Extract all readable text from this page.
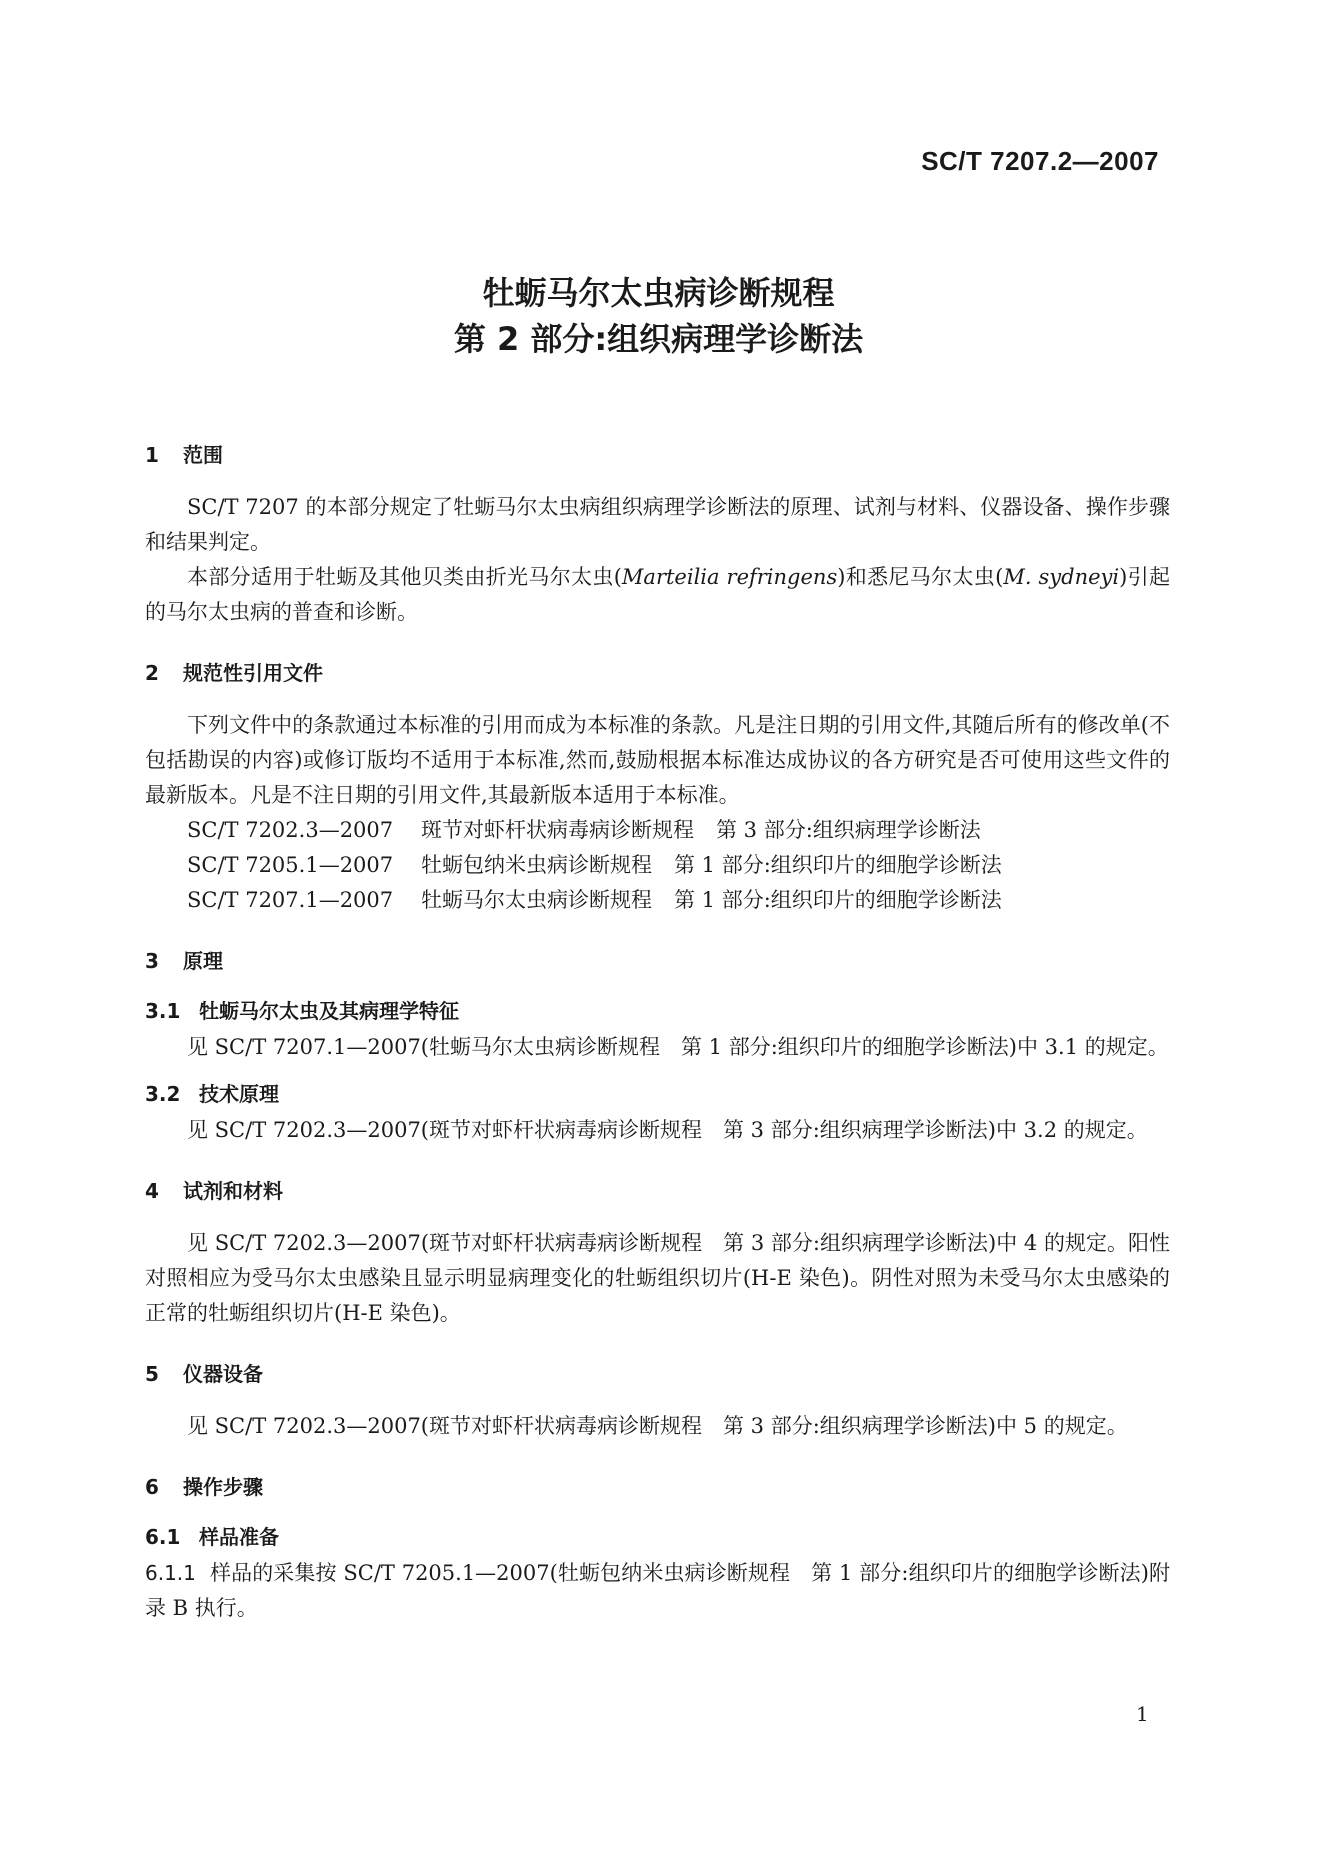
SC/T 7207.2—2007
牡蛎马尔太虫病诊断规程
第 2 部分:组织病理学诊断法
1 范围

SC/T 7207 的本部分规定了牡蛎马尔太虫病组织病理学诊断法的原理、试剂与材料、仪器设备、操作步骤和结果判定。

本部分适用于牡蛎及其他贝类由折光马尔太虫(Marteilia refringens)和悉尼马尔太虫(M. sydneyi)引起的马尔太虫病的普查和诊断。

2 规范性引用文件

下列文件中的条款通过本标准的引用而成为本标准的条款。凡是注日期的引用文件,其随后所有的修改单(不包括勘误的内容)或修订版均不适用于本标准,然而,鼓励根据本标准达成协议的各方研究是否可使用这些文件的最新版本。凡是不注日期的引用文件,其最新版本适用于本标准。

SC/T 7202.3—2007 斑节对虾杆状病毒病诊断规程 第 3 部分:组织病理学诊断法
SC/T 7205.1—2007 牡蛎包纳米虫病诊断规程 第 1 部分:组织印片的细胞学诊断法
SC/T 7207.1—2007 牡蛎马尔太虫病诊断规程 第 1 部分:组织印片的细胞学诊断法
3 原理
3.1 牡蛎马尔太虫及其病理学特征

见 SC/T 7207.1—2007(牡蛎马尔太虫病诊断规程　第 1 部分:组织印片的细胞学诊断法)中 3.1 的规定。

3.2 技术原理

见 SC/T 7202.3—2007(斑节对虾杆状病毒病诊断规程　第 3 部分:组织病理学诊断法)中 3.2 的规定。

4 试剂和材料

见 SC/T 7202.3—2007(斑节对虾杆状病毒病诊断规程　第 3 部分:组织病理学诊断法)中 4 的规定。阳性对照相应为受马尔太虫感染且显示明显病理变化的牡蛎组织切片(H-E 染色)。阴性对照为未受马尔太虫感染的正常的牡蛎组织切片(H-E 染色)。

5 仪器设备

见 SC/T 7202.3—2007(斑节对虾杆状病毒病诊断规程　第 3 部分:组织病理学诊断法)中 5 的规定。

6 操作步骤
6.1 样品准备

6.1.1 样品的采集按 SC/T 7205.1—2007(牡蛎包纳米虫病诊断规程　第 1 部分:组织印片的细胞学诊断法)附录 B 执行。

1
